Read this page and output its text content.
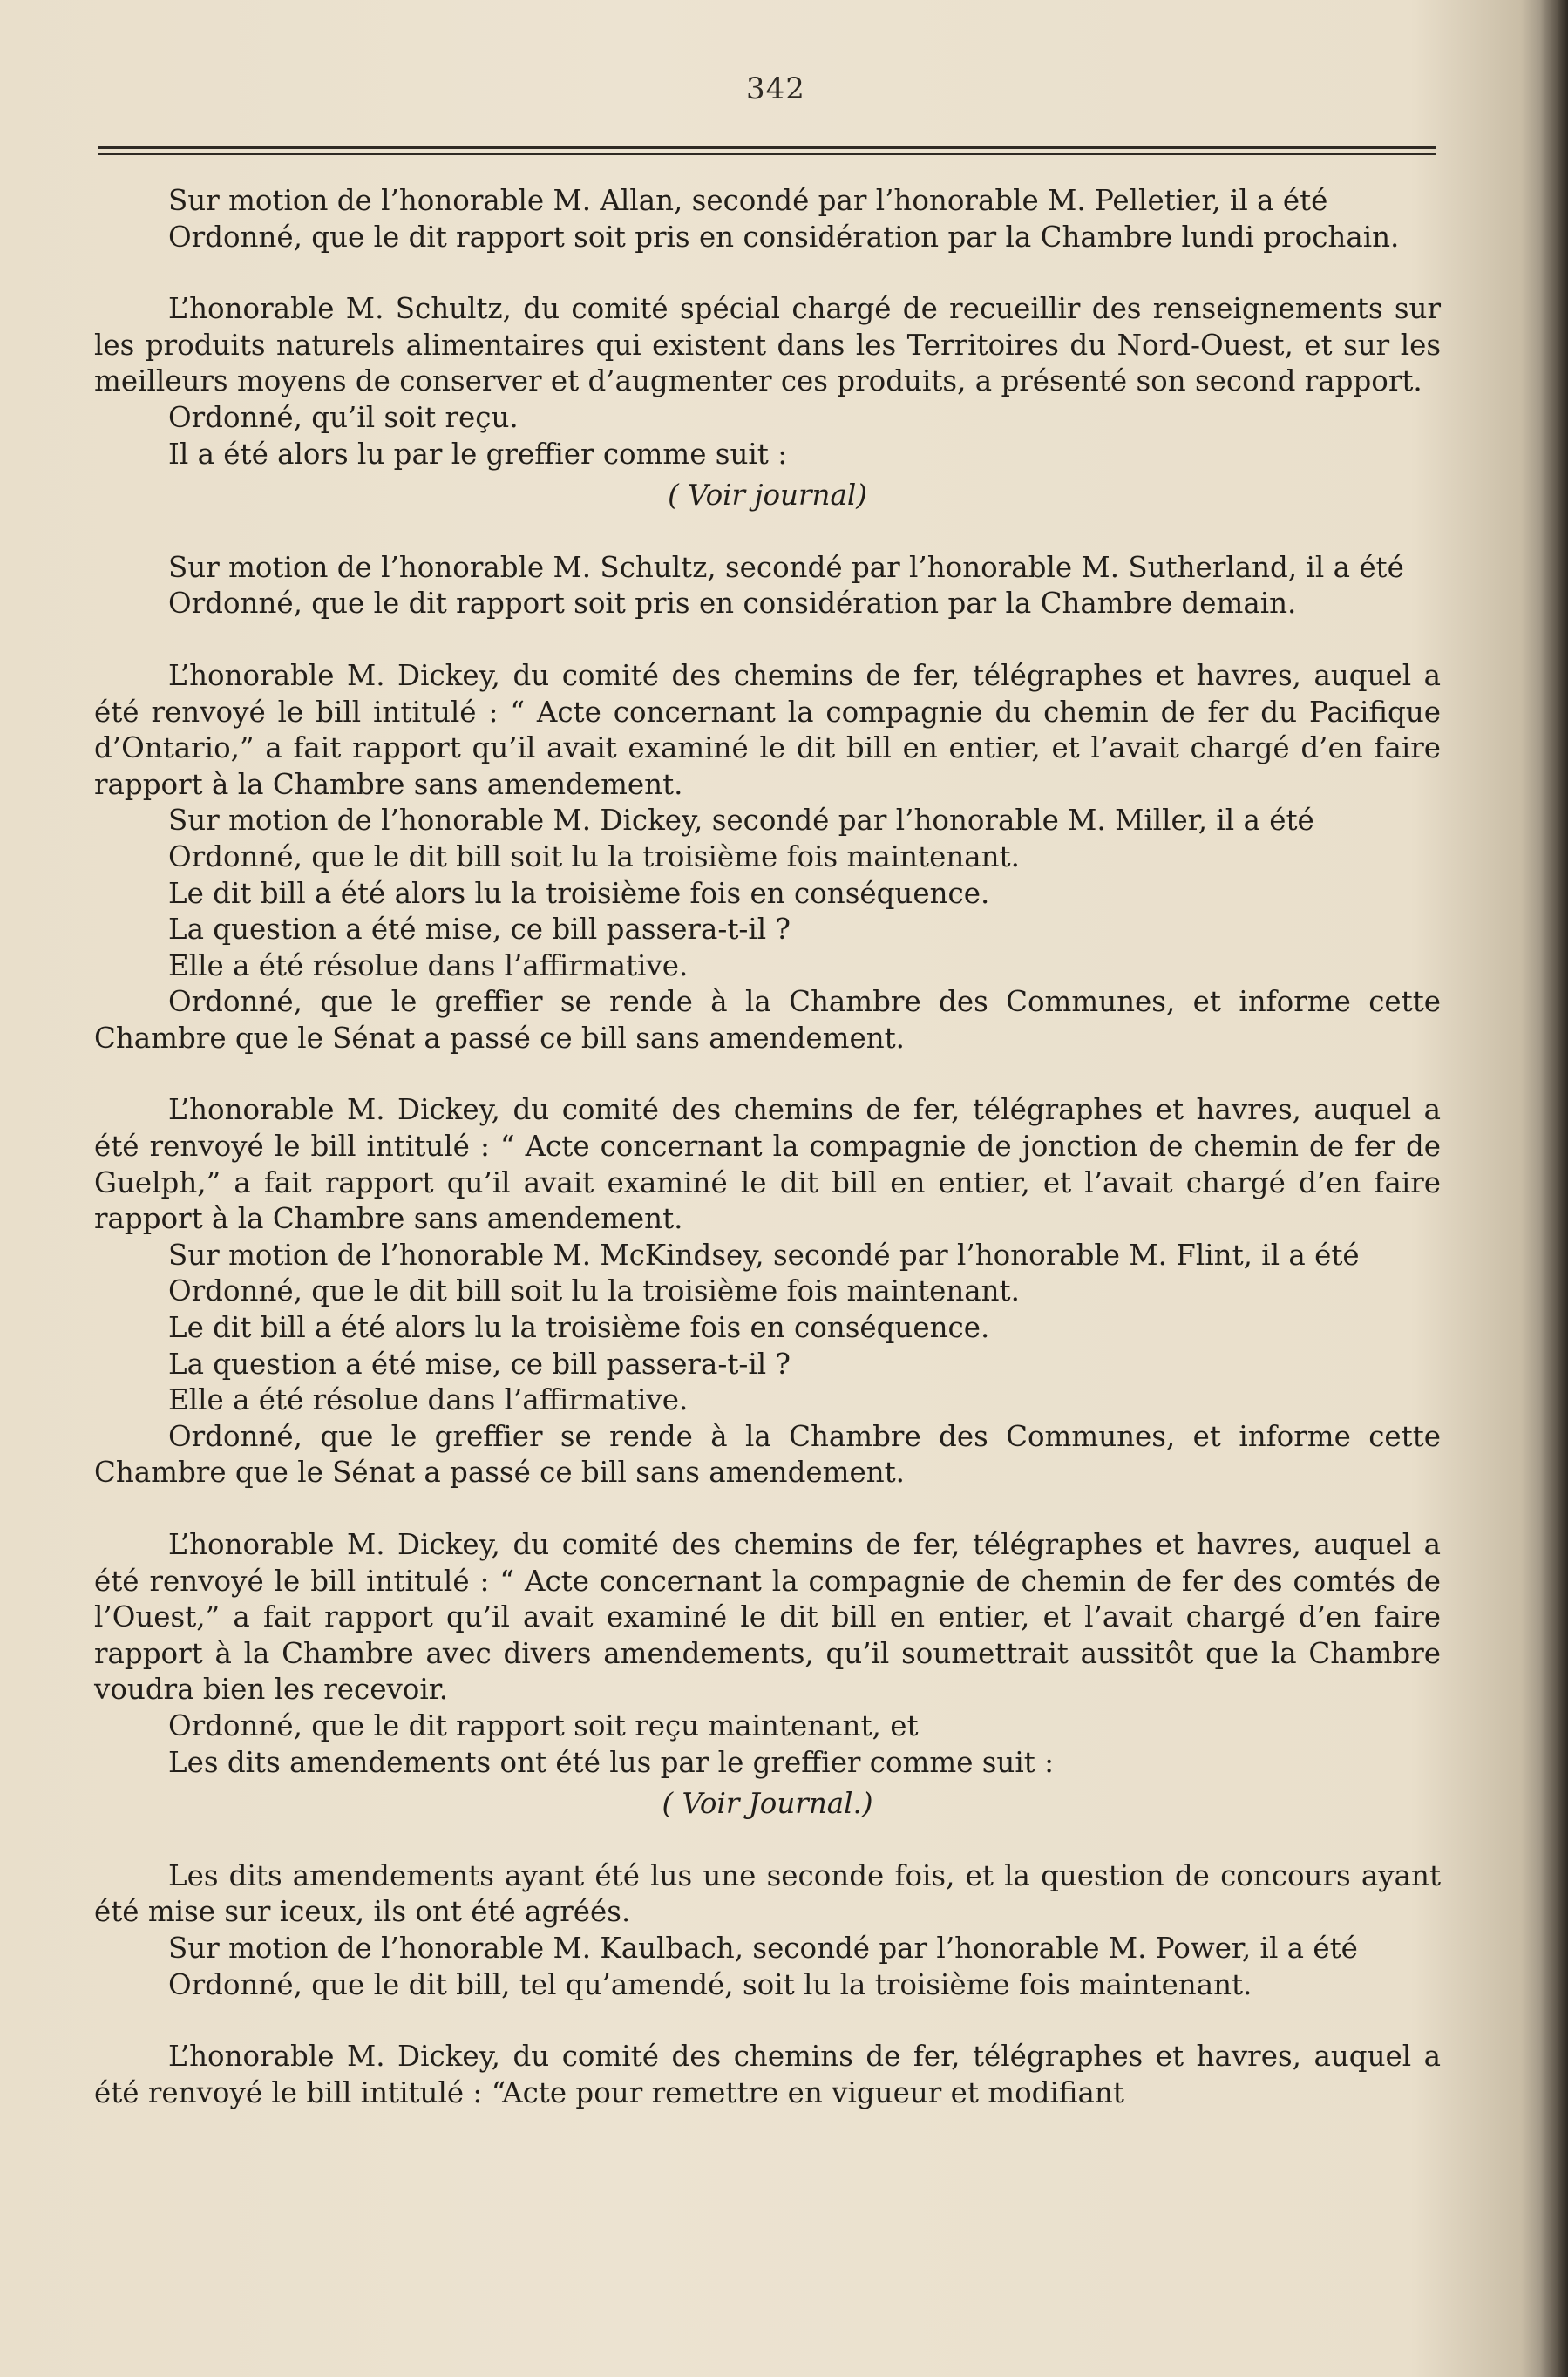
342

Sur motion de l’honorable M. Allan, secondé par l’honorable M. Pelletier, il a été

Ordonné, que le dit rapport soit pris en considération par la Chambre lundi prochain.

L’honorable M. Schultz, du comité spécial chargé de recueillir des renseignements sur les produits naturels alimentaires qui existent dans les Territoires du Nord-Ouest, et sur les meilleurs moyens de conserver et d’augmenter ces produits, a présenté son second rapport.

Ordonné, qu’il soit reçu.

Il a été alors lu par le greffier comme suit :

( Voir journal)

Sur motion de l’honorable M. Schultz, secondé par l’honorable M. Sutherland, il a été

Ordonné, que le dit rapport soit pris en considération par la Chambre demain.

L’honorable M. Dickey, du comité des chemins de fer, télégraphes et havres, auquel a été renvoyé le bill intitulé : “ Acte concernant la compagnie du chemin de fer du Pacifique d’Ontario,” a fait rapport qu’il avait examiné le dit bill en entier, et l’avait chargé d’en faire rapport à la Chambre sans amendement.

Sur motion de l’honorable M. Dickey, secondé par l’honorable M. Miller, il a été

Ordonné, que le dit bill soit lu la troisième fois maintenant.

Le dit bill a été alors lu la troisième fois en conséquence.

La question a été mise, ce bill passera-t-il ?

Elle a été résolue dans l’affirmative.

Ordonné, que le greffier se rende à la Chambre des Communes, et informe cette Chambre que le Sénat a passé ce bill sans amendement.

L’honorable M. Dickey, du comité des chemins de fer, télégraphes et havres, auquel a été renvoyé le bill intitulé : “ Acte concernant la compagnie de jonction de chemin de fer de Guelph,” a fait rapport qu’il avait examiné le dit bill en entier, et l’avait chargé d’en faire rapport à la Chambre sans amendement.

Sur motion de l’honorable M. McKindsey, secondé par l’honorable M. Flint, il a été

Ordonné, que le dit bill soit lu la troisième fois maintenant.

Le dit bill a été alors lu la troisième fois en conséquence.

La question a été mise, ce bill passera-t-il ?

Elle a été résolue dans l’affirmative.

Ordonné, que le greffier se rende à la Chambre des Communes, et informe cette Chambre que le Sénat a passé ce bill sans amendement.

L’honorable M. Dickey, du comité des chemins de fer, télégraphes et havres, auquel a été renvoyé le bill intitulé : “ Acte concernant la compagnie de chemin de fer des comtés de l’Ouest,” a fait rapport qu’il avait examiné le dit bill en entier, et l’avait chargé d’en faire rapport à la Chambre avec divers amendements, qu’il soumettrait aussitôt que la Chambre voudra bien les recevoir.

Ordonné, que le dit rapport soit reçu maintenant, et

Les dits amendements ont été lus par le greffier comme suit :

( Voir Journal.)

Les dits amendements ayant été lus une seconde fois, et la question de concours ayant été mise sur iceux, ils ont été agréés.

Sur motion de l’honorable M. Kaulbach, secondé par l’honorable M. Power, il a été

Ordonné, que le dit bill, tel qu’amendé, soit lu la troisième fois maintenant.

L’honorable M. Dickey, du comité des chemins de fer, télégraphes et havres, auquel a été renvoyé le bill intitulé : “Acte pour remettre en vigueur et modifiant
